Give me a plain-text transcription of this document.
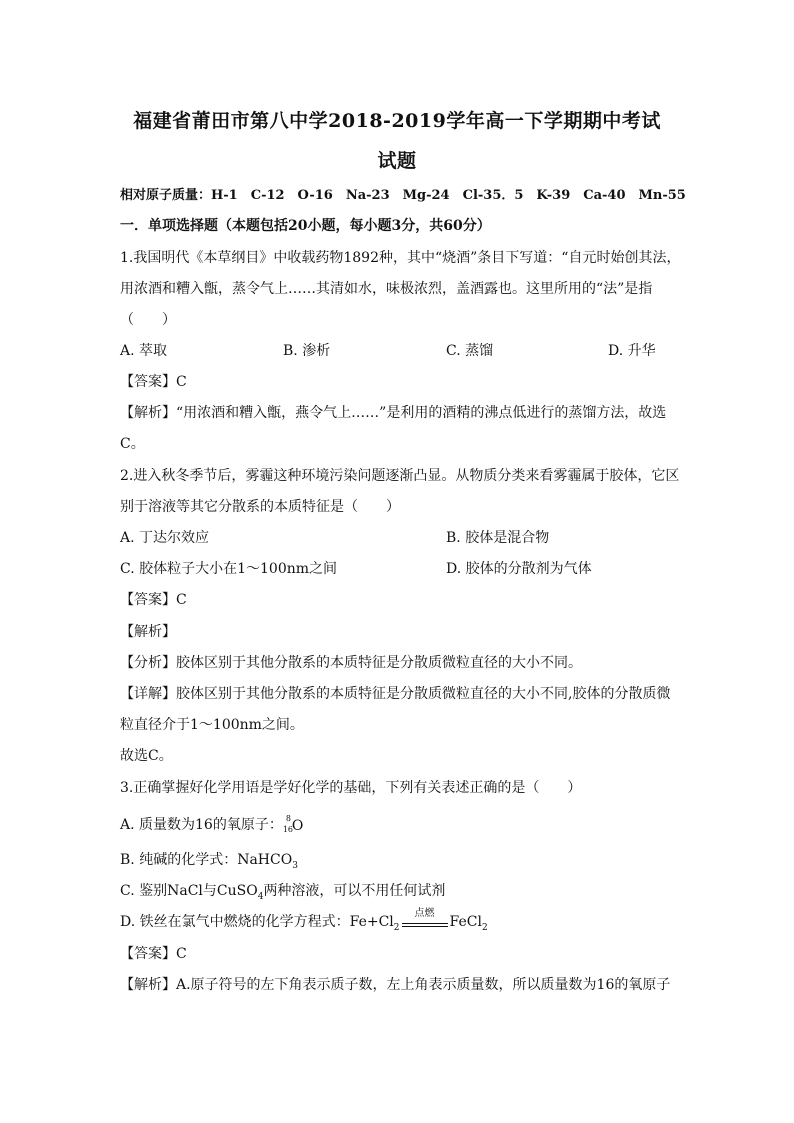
福建省莆田市第八中学2018-2019学年高一下学期期中考试
试题
相对原子质量：H-1　C-12　O-16　Na-23　Mg-24　Cl-35．5　K-39　Ca-40　Mn-55
一．单项选择题（本题包括20小题，每小题3分，共60分）
1.我国明代《本草纲目》中收载药物1892种，其中“烧酒”条目下写道：“自元时始创其法，
用浓酒和糟入甑，蒸令气上……其清如水，味极浓烈，盖酒露也。这里所用的“法”是指
（　　）
A. 萃取	B. 渗析	C. 蒸馏	D. 升华
【答案】C
【解析】“用浓酒和糟入甑，燕令气上……”是利用的酒精的沸点低进行的蒸馏方法，故选
C。
2.进入秋冬季节后，雾霾这种环境污染问题逐渐凸显。从物质分类来看雾霾属于胶体，它区
别于溶液等其它分散系的本质特征是（　　）
A. 丁达尔效应	B. 胶体是混合物
C. 胶体粒子大小在1～100nm之间	D. 胶体的分散剂为气体
【答案】C
【解析】
【分析】胶体区别于其他分散系的本质特征是分散质微粒直径的大小不同。
【详解】胶体区别于其他分散系的本质特征是分散质微粒直径的大小不同,胶体的分散质微
粒直径介于1～100nm之间。
故选C。
3.正确掌握好化学用语是学好化学的基础，下列有关表述正确的是（　　）
A. 质量数为16的氧原子： 8
16
O
B. 纯碱的化学式：NaHCO$_3$
C. 鉴别NaCl与CuSO$_4$两种溶液，可以不用任何试剂
D. 铁丝在氯气中燃烧的化学方程式：$Fe+Cl_2$
点燃
FeCl$_2$
【答案】C
【解析】A.原子符号的左下角表示质子数，左上角表示质量数，所以质量数为16的氧原子
